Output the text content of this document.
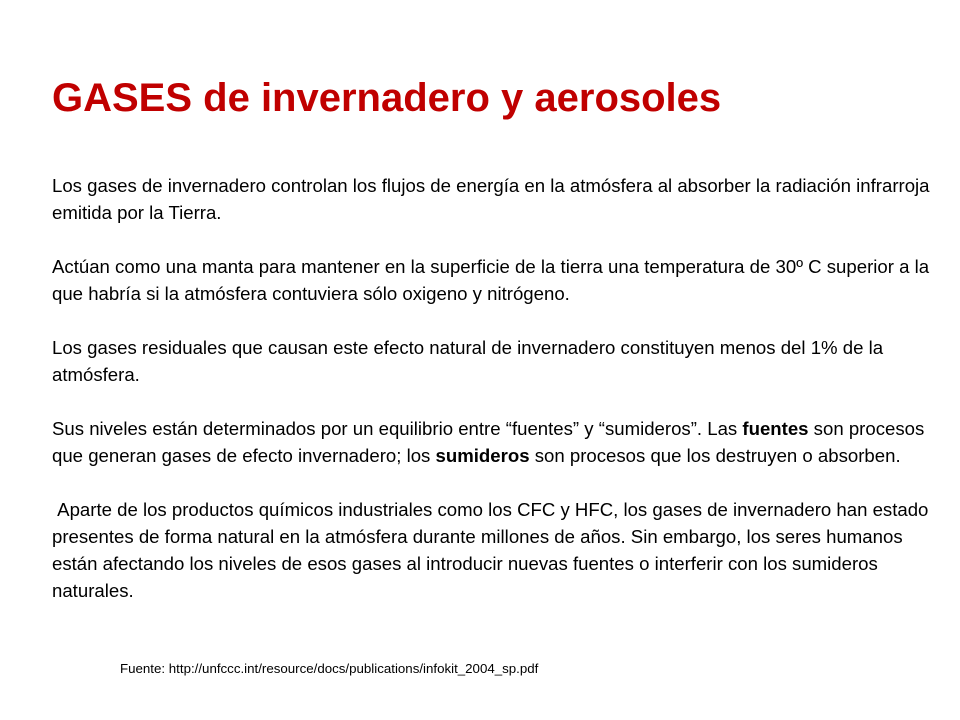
GASES de invernadero y aerosoles

Los gases de invernadero controlan los flujos de energía en la atmósfera al absorber la radiación infrarroja emitida por la Tierra.

Actúan como una manta para mantener en la superficie de la tierra una temperatura de 30º C superior a la que habría si la atmósfera contuviera sólo oxigeno y nitrógeno.

Los gases residuales que causan este efecto natural de invernadero constituyen menos del 1% de la atmósfera.

Sus niveles están determinados por un equilibrio entre “fuentes” y “sumideros”. Las fuentes son procesos que generan gases de efecto invernadero; los sumideros son procesos que los destruyen o absorben.

Aparte de los productos químicos industriales como los CFC y HFC, los gases de invernadero han estado presentes de forma natural en la atmósfera durante millones de años. Sin embargo, los seres humanos están afectando los niveles de esos gases al introducir nuevas fuentes o interferir con los sumideros naturales.

Fuente: http://unfccc.int/resource/docs/publications/infokit_2004_sp.pdf
